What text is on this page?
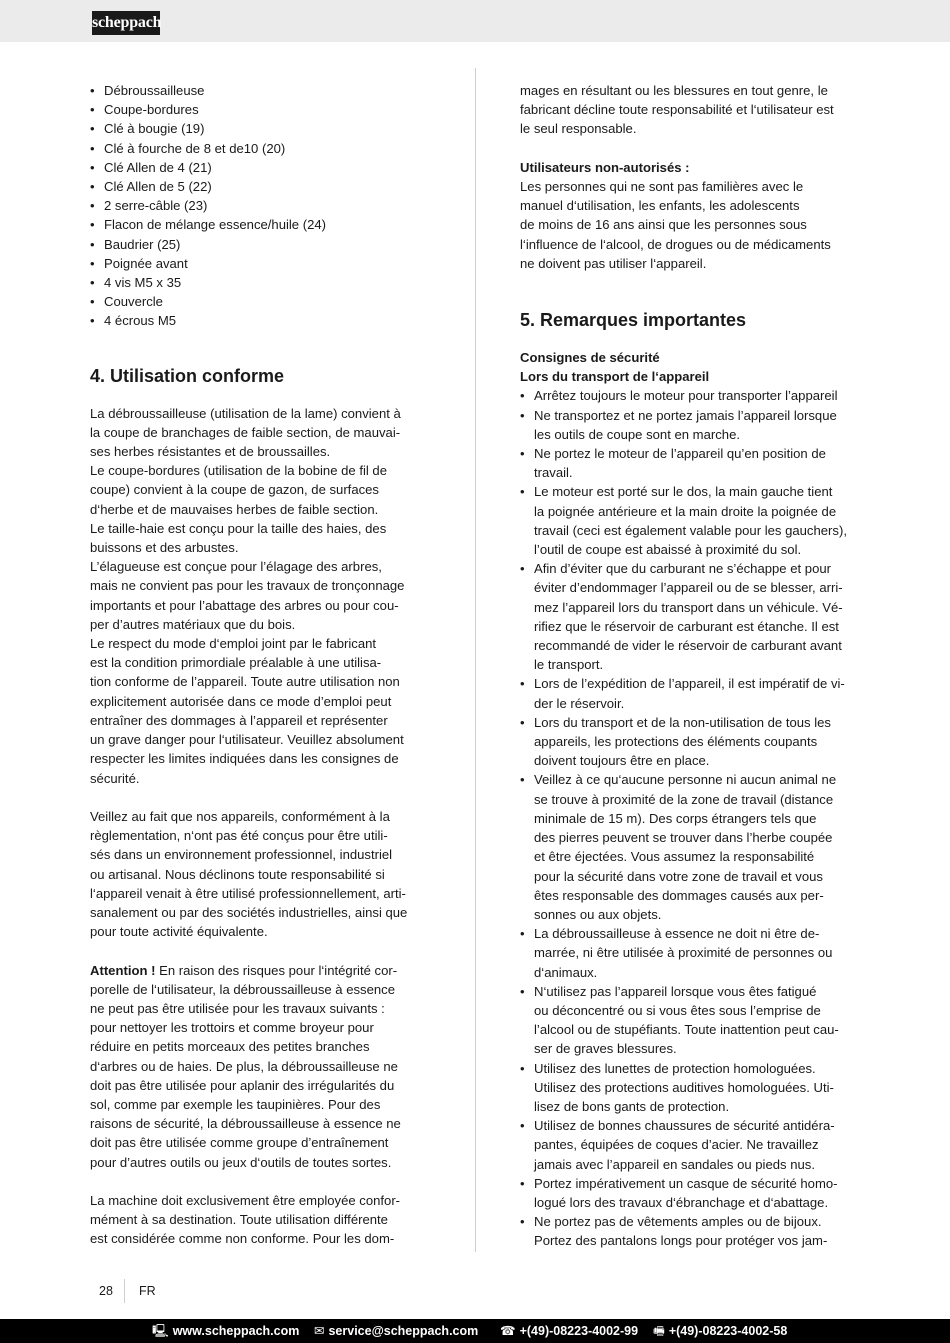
scheppach
• Débroussailleuse
• Coupe-bordures
• Clé à bougie (19)
• Clé à fourche de 8 et de10 (20)
• Clé Allen de 4 (21)
• Clé Allen de 5 (22)
• 2 serre-câble (23)
• Flacon de mélange essence/huile (24)
• Baudrier (25)
• Poignée avant
• 4 vis M5 x 35
• Couvercle
• 4 écrous M5
4. Utilisation conforme
La débroussailleuse (utilisation de la lame) convient à
la coupe de branchages de faible section, de mauvai-
ses herbes résistantes et de broussailles.
Le coupe-bordures (utilisation de la bobine de fil de
coupe) convient à la coupe de gazon, de surfaces
d‘herbe et de mauvaises herbes de faible section.
Le taille-haie est conçu pour la taille des haies, des
buissons et des arbustes.
L’élagueuse est conçue pour l’élagage des arbres,
mais ne convient pas pour les travaux de tronçonnage
importants et pour l’abattage des arbres ou pour cou-
per d’autres matériaux que du bois.
Le respect du mode d‘emploi joint par le fabricant
est la condition primordiale préalable à une utilisa-
tion conforme de l’appareil. Toute autre utilisation non
explicitement autorisée dans ce mode d’emploi peut
entraîner des dommages à l’appareil et représenter
un grave danger pour l‘utilisateur. Veuillez absolument
respecter les limites indiquées dans les consignes de
sécurité.
Veillez au fait que nos appareils, conformément à la
règlementation, n‘ont pas été conçus pour être utili-
sés dans un environnement professionnel, industriel
ou artisanal. Nous déclinons toute responsabilité si
l‘appareil venait à être utilisé professionnellement, arti-
sanalement ou par des sociétés industrielles, ainsi que
pour toute activité équivalente.
Attention ! En raison des risques pour l‘intégrité cor-
porelle de l‘utilisateur, la débroussailleuse à essence
ne peut pas être utilisée pour les travaux suivants :
pour nettoyer les trottoirs et comme broyeur pour
réduire en petits morceaux des petites branches
d‘arbres ou de haies. De plus, la débroussailleuse ne
doit pas être utilisée pour aplanir des irrégularités du
sol, comme par exemple les taupinières. Pour des
raisons de sécurité, la débroussailleuse à essence ne
doit pas être utilisée comme groupe d’entraînement
pour d’autres outils ou jeux d‘outils de toutes sortes.
La machine doit exclusivement être employée confor-
mément à sa destination. Toute utilisation différente
est considérée comme non conforme. Pour les dom-
mages en résultant ou les blessures en tout genre, le
fabricant décline toute responsabilité et l‘utilisateur est
le seul responsable.
Utilisateurs non-autorisés :
Les personnes qui ne sont pas familières avec le
manuel d‘utilisation, les enfants, les adolescents
de moins de 16 ans ainsi que les personnes sous
l‘influence de l‘alcool, de drogues ou de médicaments
ne doivent pas utiliser l‘appareil.
5. Remarques importantes
Consignes de sécurité
Lors du transport de l‘appareil
• Arrêtez toujours le moteur pour transporter l’appareil
• Ne transportez et ne portez jamais l’appareil lorsque
les outils de coupe sont en marche.
• Ne portez le moteur de l’appareil qu’en position de
travail.
• Le moteur est porté sur le dos, la main gauche tient
la poignée antérieure et la main droite la poignée de
travail (ceci est également valable pour les gauchers),
l’outil de coupe est abaissé à proximité du sol.
• Afin d’éviter que du carburant ne s’échappe et pour
éviter d’endommager l’appareil ou de se blesser, arri-
mez l’appareil lors du transport dans un véhicule. Vé-
rifiez que le réservoir de carburant est étanche. Il est
recommandé de vider le réservoir de carburant avant
le transport.
• Lors de l’expédition de l’appareil, il est impératif de vi-
der le réservoir.
• Lors du transport et de la non-utilisation de tous les
appareils, les protections des éléments coupants
doivent toujours être en place.
• Veillez à ce qu‘aucune personne ni aucun animal ne
se trouve à proximité de la zone de travail (distance
minimale de 15 m). Des corps étrangers tels que
des pierres peuvent se trouver dans l’herbe coupée
et être éjectées. Vous assumez la responsabilité
pour la sécurité dans votre zone de travail et vous
êtes responsable des dommages causés aux per-
sonnes ou aux objets.
• La débroussailleuse à essence ne doit ni être de-
marrée, ni être utilisée à proximité de personnes ou
d‘animaux.
• N‘utilisez pas l’appareil lorsque vous êtes fatigué
ou déconcentré ou si vous êtes sous l’emprise de
l’alcool ou de stupéfiants. Toute inattention peut cau-
ser de graves blessures.
• Utilisez des lunettes de protection homologuées.
Utilisez des protections auditives homologuées. Uti-
lisez de bons gants de protection.
• Utilisez de bonnes chaussures de sécurité antidéra-
pantes, équipées de coques d’acier. Ne travaillez
jamais avec l’appareil en sandales ou pieds nus.
• Portez impérativement un casque de sécurité homo-
logué lors des travaux d‘ébranchage et d‘abattage.
• Ne portez pas de vêtements amples ou de bijoux.
Portez des pantalons longs pour protéger vos jam-
28 FR
🖳 www.scheppach.com ✉ service@scheppach.com ☎ +(49)-08223-4002-99 🖷 +(49)-08223-4002-58
